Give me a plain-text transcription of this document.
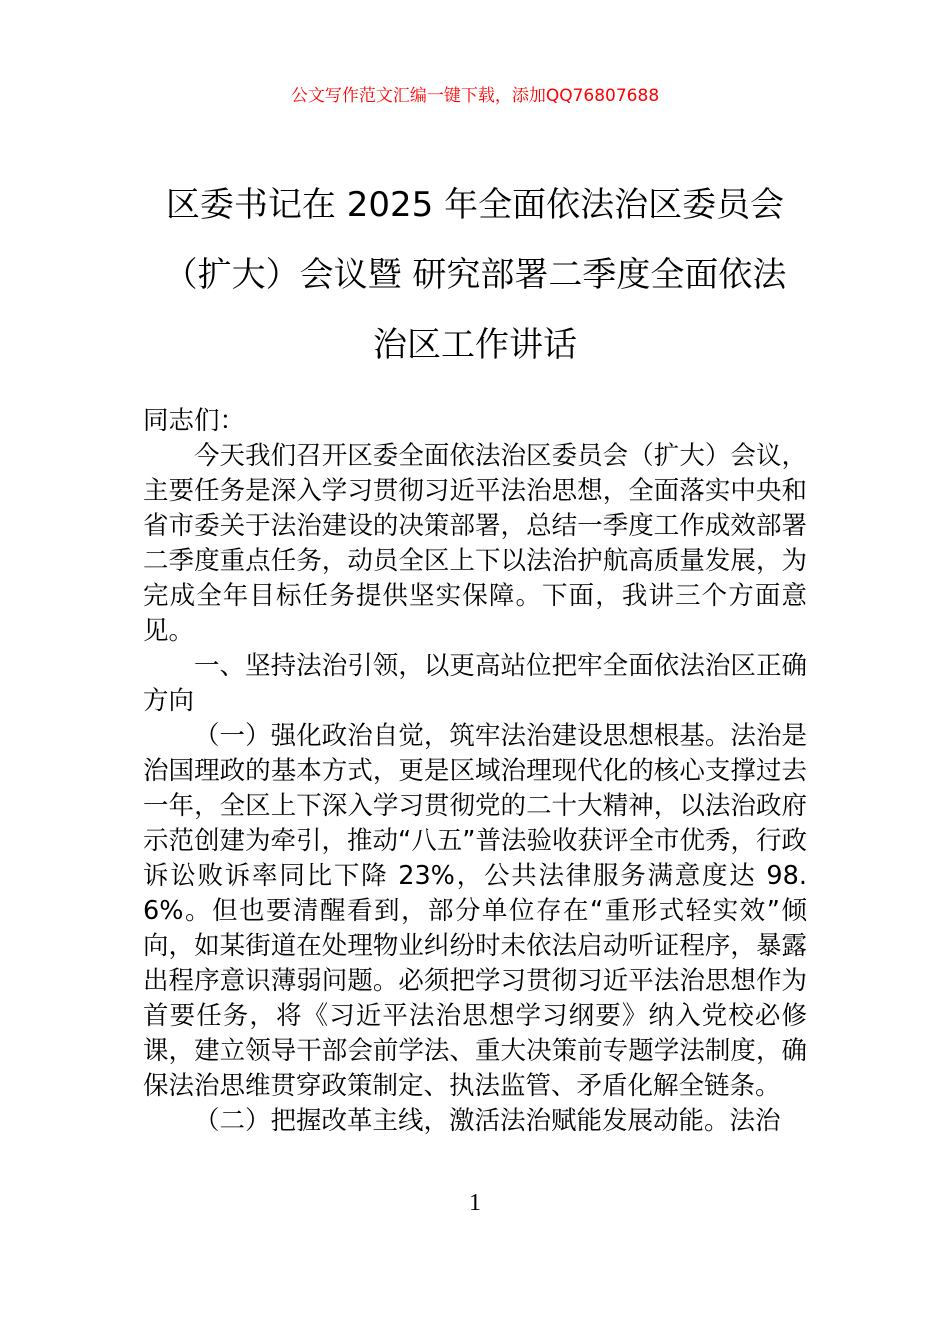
公文写作范文汇编一键下载，添加QQ76807688
区委书记在 2025 年全面依法治区委员会
（扩大）会议暨 研究部署二季度全面依法
治区工作讲话

同志们：

今天我们召开区委全面依法治区委员会（扩大）会议，主要任务是深入学习贯彻习近平法治思想，全面落实中央和省市委关于法治建设的决策部署，总结一季度工作成效部署二季度重点任务，动员全区上下以法治护航高质量发展，为完成全年目标任务提供坚实保障。下面，我讲三个方面意见。

一、坚持法治引领，以更高站位把牢全面依法治区正确方向

（一）强化政治自觉，筑牢法治建设思想根基。法治是治国理政的基本方式，更是区域治理现代化的核心支撑过去一年，全区上下深入学习贯彻党的二十大精神，以法治政府示范创建为牵引，推动“八五”普法验收获评全市优秀，行政诉讼败诉率同比下降 23%，公共法律服务满意度达 98.6%。但也要清醒看到，部分单位存在“重形式轻实效”倾向，如某街道在处理物业纠纷时未依法启动听证程序，暴露出程序意识薄弱问题。必须把学习贯彻习近平法治思想作为首要任务，将《习近平法治思想学习纲要》纳入党校必修课，建立领导干部会前学法、重大决策前专题学法制度，确保法治思维贯穿政策制定、执法监管、矛盾化解全链条。

（二）把握改革主线，激活法治赋能发展动能。法治

1
